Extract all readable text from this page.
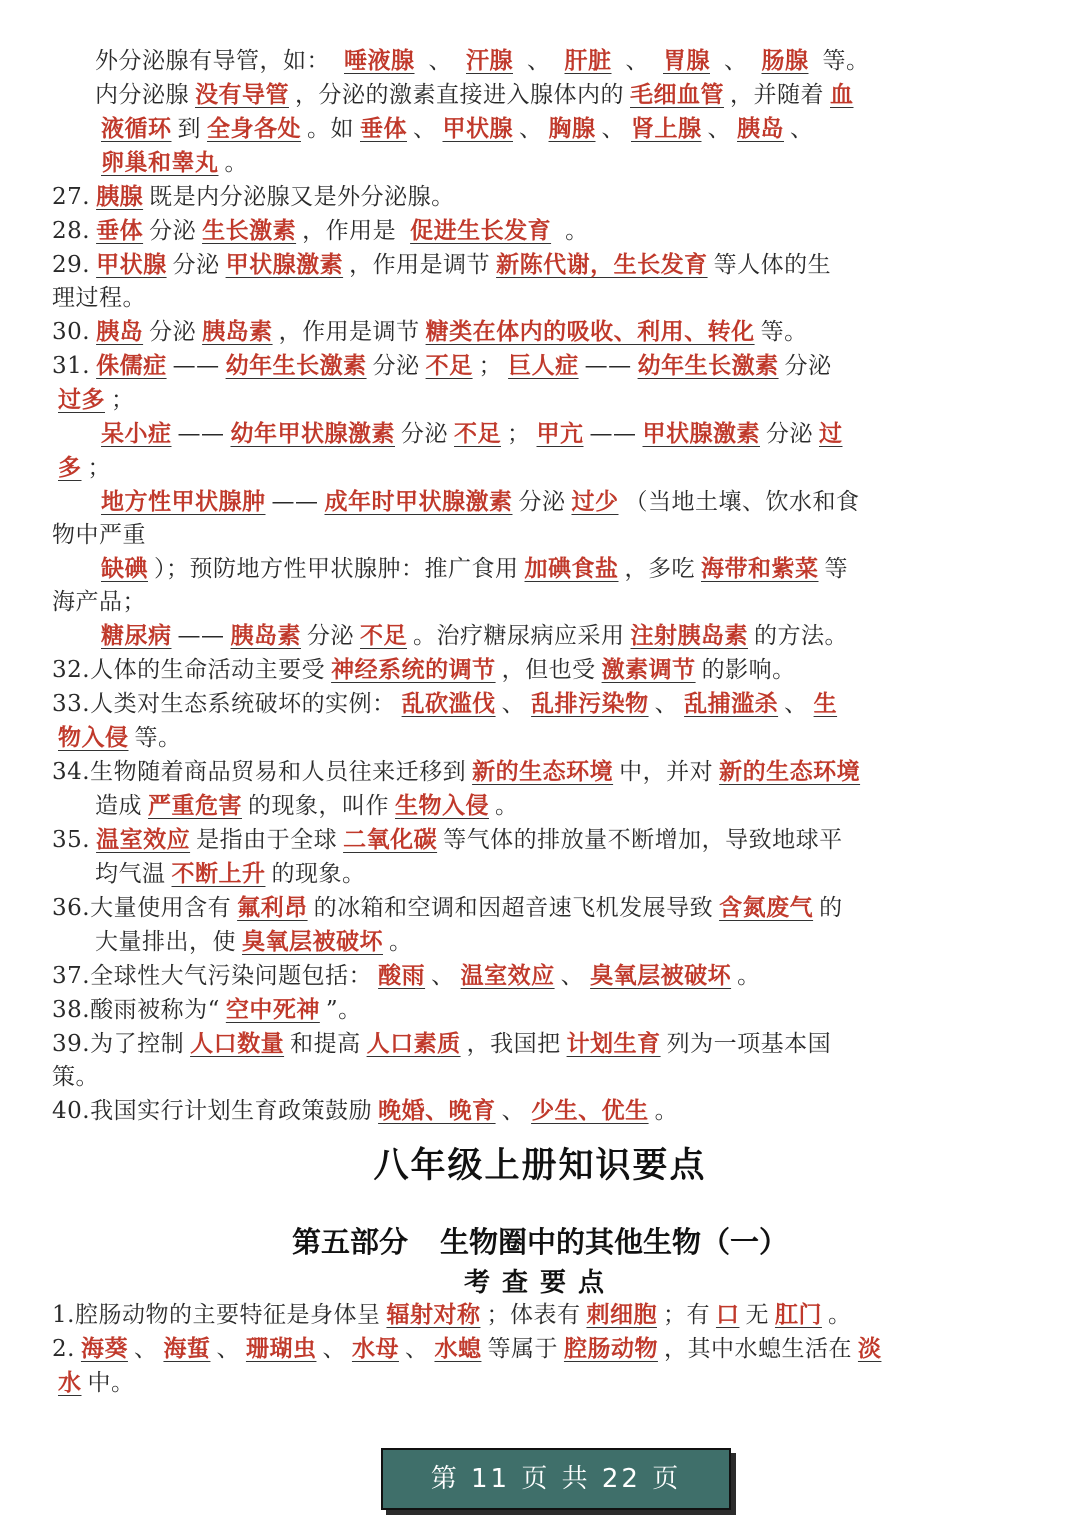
外分泌腺有导管，如： 唾液腺 、 汗腺 、 肝脏 、 胃腺 、 肠腺 等。
内分泌腺 没有导管 ，分泌的激素直接进入腺体内的 毛细血管 ，并随着 血
液循环 到 全身各处 。如 垂体 、 甲状腺 、 胸腺 、 肾上腺 、 胰岛 、
卵巢和睾丸 。
27. 胰腺 既是内分泌腺又是外分泌腺。
28. 垂体 分泌 生长激素 ，作用是 促进生长发育 。
29. 甲状腺 分泌 甲状腺激素 ，作用是调节 新陈代谢，生长发育 等人体的生
理过程。
30. 胰岛 分泌 胰岛素 ，作用是调节 糖类在体内的吸收、利用、转化 等。
31. 侏儒症 —— 幼年生长激素 分泌 不足 ； 巨人症 —— 幼年生长激素 分泌
过多 ；
呆小症 —— 幼年甲状腺激素 分泌 不足 ； 甲亢 —— 甲状腺激素 分泌 过
多 ；
地方性甲状腺肿 —— 成年时甲状腺激素 分泌 过少 （当地土壤、饮水和食
物中严重
缺碘 ）；预防地方性甲状腺肿：推广食用 加碘食盐 ，多吃 海带和紫菜 等
海产品；
糖尿病 —— 胰岛素 分泌 不足 。治疗糖尿病应采用 注射胰岛素 的方法。
32.人体的生命活动主要受 神经系统的调节 ，但也受 激素调节 的影响。
33.人类对生态系统破坏的实例： 乱砍滥伐 、 乱排污染物 、 乱捕滥杀 、 生
物入侵 等。
34.生物随着商品贸易和人员往来迁移到 新的生态环境 中，并对 新的生态环境
造成 严重危害 的现象，叫作 生物入侵 。
35. 温室效应 是指由于全球 二氧化碳 等气体的排放量不断增加，导致地球平
均气温 不断上升 的现象。
36.大量使用含有 氟利昂 的冰箱和空调和因超音速飞机发展导致 含氮废气 的
大量排出，使 臭氧层被破坏 。
37.全球性大气污染问题包括： 酸雨 、 温室效应 、 臭氧层被破坏 。
38.酸雨被称为“ 空中死神 ”。
39.为了控制 人口数量 和提高 人口素质 ，我国把 计划生育 列为一项基本国
策。
40.我国实行计划生育政策鼓励 晚婚、晚育 、 少生、优生 。
八年级上册知识要点
第五部分 生物圈中的其他生物（一）
考查要点
1.腔肠动物的主要特征是身体呈 辐射对称 ；体表有 刺细胞 ；有 口 无 肛门 。
2. 海葵 、 海蜇 、 珊瑚虫 、 水母 、 水螅 等属于 腔肠动物 ，其中水螅生活在 淡
水 中。
第 11 页 共 22 页
